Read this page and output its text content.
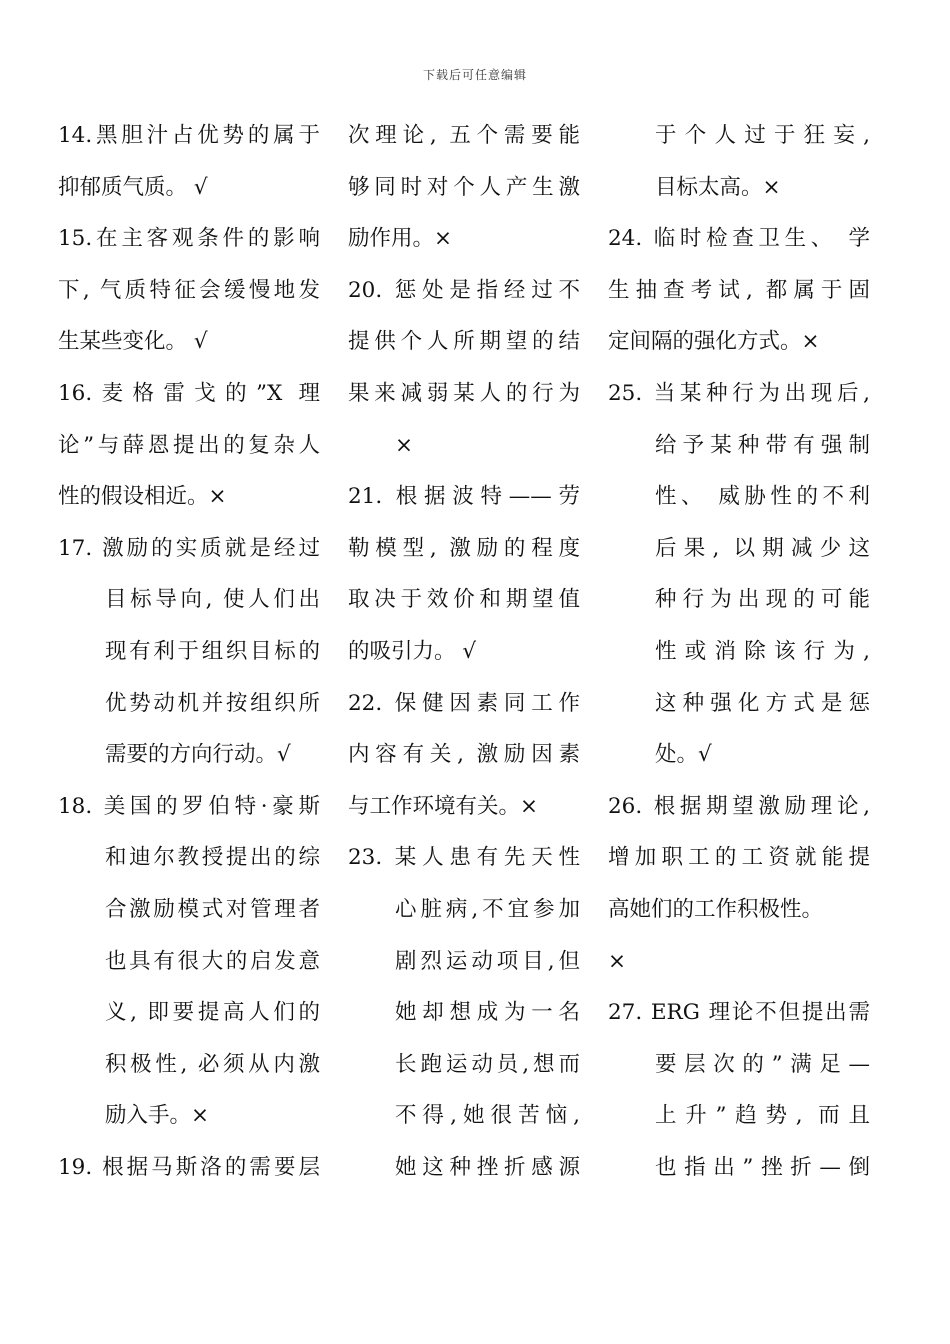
下载后可任意编辑
14.黑胆汁占优势的属于
抑郁质气质。 √
15.在主客观条件的影响
下, 气质特征会缓慢地发
生某些变化。 √
16.麦格雷戈的”X 理
论”与薛恩提出的复杂人
性的假设相近。×
17. 激励的实质就是经过
目标导向, 使人们出
现有利于组织目标的
优势动机并按组织所
需要的方向行动。√
18. 美国的罗伯特·豪斯
和迪尔教授提出的综
合激励模式对管理者
也具有很大的启发意
义, 即要提高人们的
积极性, 必须从内激
励入手。×
19. 根据马斯洛的需要层
次理论, 五个需要能
够同时对个人产生激
励作用。×
20. 惩处是指经过不
提供个人所期望的结
果来减弱某人的行为
×
21. 根据波特——劳
勒模型, 激励的程度
取决于效价和期望值
的吸引力。 √
22. 保健因素同工作
内容有关, 激励因素
与工作环境有关。×
23. 某人患有先天性
心脏病,不宜参加
剧烈运动项目,但
她却想成为一名
长跑运动员,想而
不得,她很苦恼,
她这种挫折感源
于个人过于狂妄,
目标太高。×
24. 临时检查卫生、 学
生抽查考试, 都属于固
定间隔的强化方式。×
25. 当某种行为出现后,
给予某种带有强制
性、 威胁性的不利
后果, 以期减少这
种行为出现的可能
性或消除该行为,
这种强化方式是惩
处。√
26. 根据期望激励理论,
增加职工的工资就能提
高她们的工作积极性。
×
27. ERG 理论不但提出需
要层次的”满足—
上升”趋势, 而且
也指出”挫折—倒
